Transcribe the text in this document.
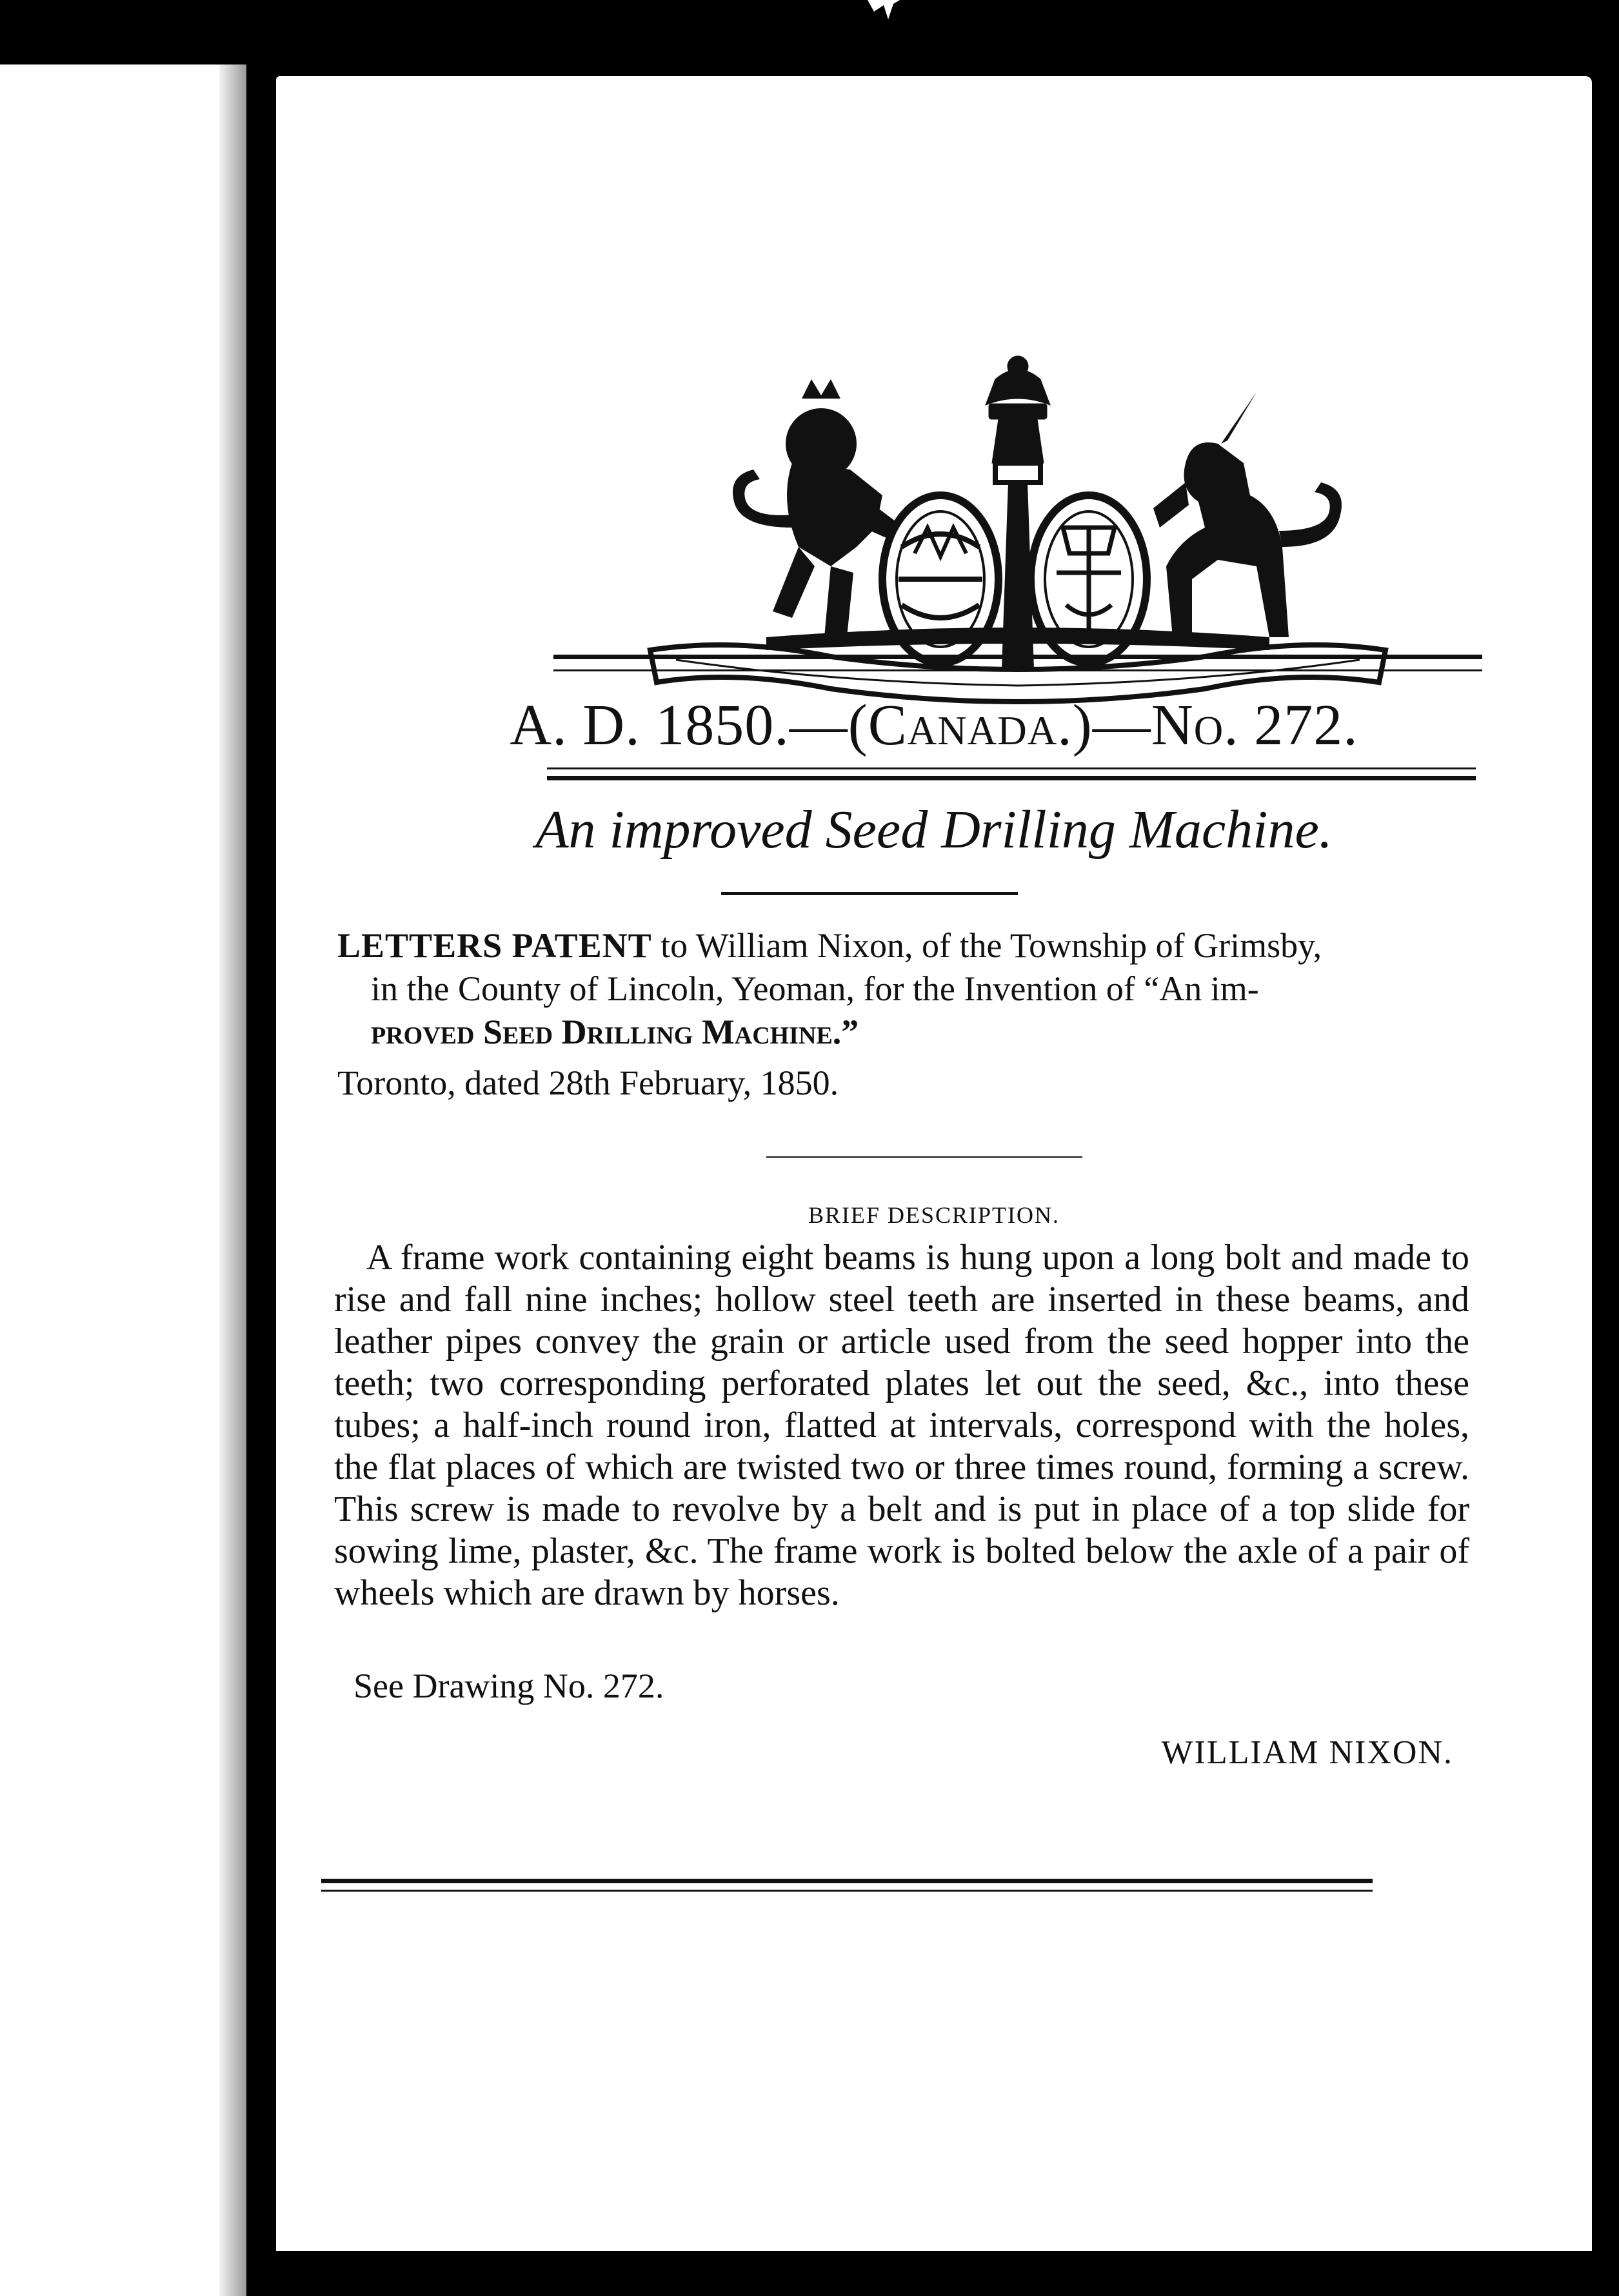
A. D. 1850.—(Canada.)—No. 272.
An improved Seed Drilling Machine.
LETTERS PATENT to William Nixon, of the Township of Grimsby,
in the County of Lincoln, Yeoman, for the Invention of “An im-
proved Seed Drilling Machine.”
Toronto, dated 28th February, 1850.
BRIEF DESCRIPTION.
A frame work containing eight beams is hung upon a long bolt and made to rise and fall nine inches; hollow steel teeth are inserted in these beams, and leather pipes convey the grain or article used from the seed hopper into the teeth; two corresponding perforated plates let out the seed, &c., into these tubes; a half-inch round iron, flatted at intervals, correspond with the holes, the flat places of which are twisted two or three times round, forming a screw. This screw is made to revolve by a belt and is put in place of a top slide for sowing lime, plaster, &c. The frame work is bolted below the axle of a pair of wheels which are drawn by horses.
See Drawing No. 272.
WILLIAM NIXON.
